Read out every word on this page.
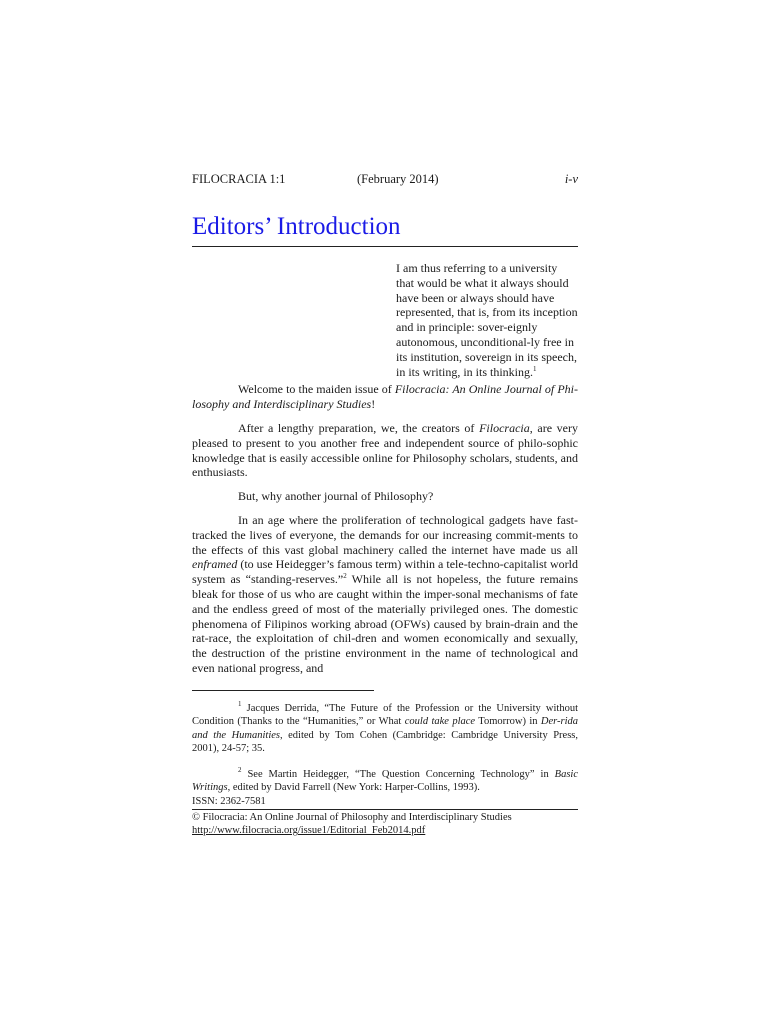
FILOCRACIA 1:1	(February 2014)	i-v
Editors’ Introduction
I am thus referring to a university that would be what it always should have been or always should have represented, that is, from its inception and in principle: sover-eignly autonomous, unconditional-ly free in its institution, sovereign in its speech, in its writing, in its thinking.$^1$

Welcome to the maiden issue of Filocracia: An Online Journal of Phi-losophy and Interdisciplinary Studies!

After a lengthy preparation, we, the creators of Filocracia, are very pleased to present to you another free and independent source of philo-sophic knowledge that is easily accessible online for Philosophy scholars, students, and enthusiasts.

But, why another journal of Philosophy?

In an age where the proliferation of technological gadgets have fast-tracked the lives of everyone, the demands for our increasing commit-ments to the effects of this vast global machinery called the internet have made us all enframed (to use Heidegger’s famous term) within a tele-techno-capitalist world system as “standing-reserves.”$^2$ While all is not hopeless, the future remains bleak for those of us who are caught within the imper-sonal mechanisms of fate and the endless greed of most of the materially privileged ones. The domestic phenomena of Filipinos working abroad (OFWs) caused by brain-drain and the rat-race, the exploitation of chil-dren and women economically and sexually, the destruction of the pristine environment in the name of technological and even national progress, and

$^1$ Jacques Derrida, “The Future of the Profession or the University without Condition (Thanks to the “Humanities,” or What could take place Tomorrow) in Der-rida and the Humanities, edited by Tom Cohen (Cambridge: Cambridge University Press, 2001), 24-57; 35.

$^2$ See Martin Heidegger, “The Question Concerning Technology” in Basic Writings, edited by David Farrell (New York: Harper-Collins, 1993).

ISSN: 2362-7581
© Filocracia: An Online Journal of Philosophy and Interdisciplinary Studies
http://www.filocracia.org/issue1/Editorial_Feb2014.pdf
